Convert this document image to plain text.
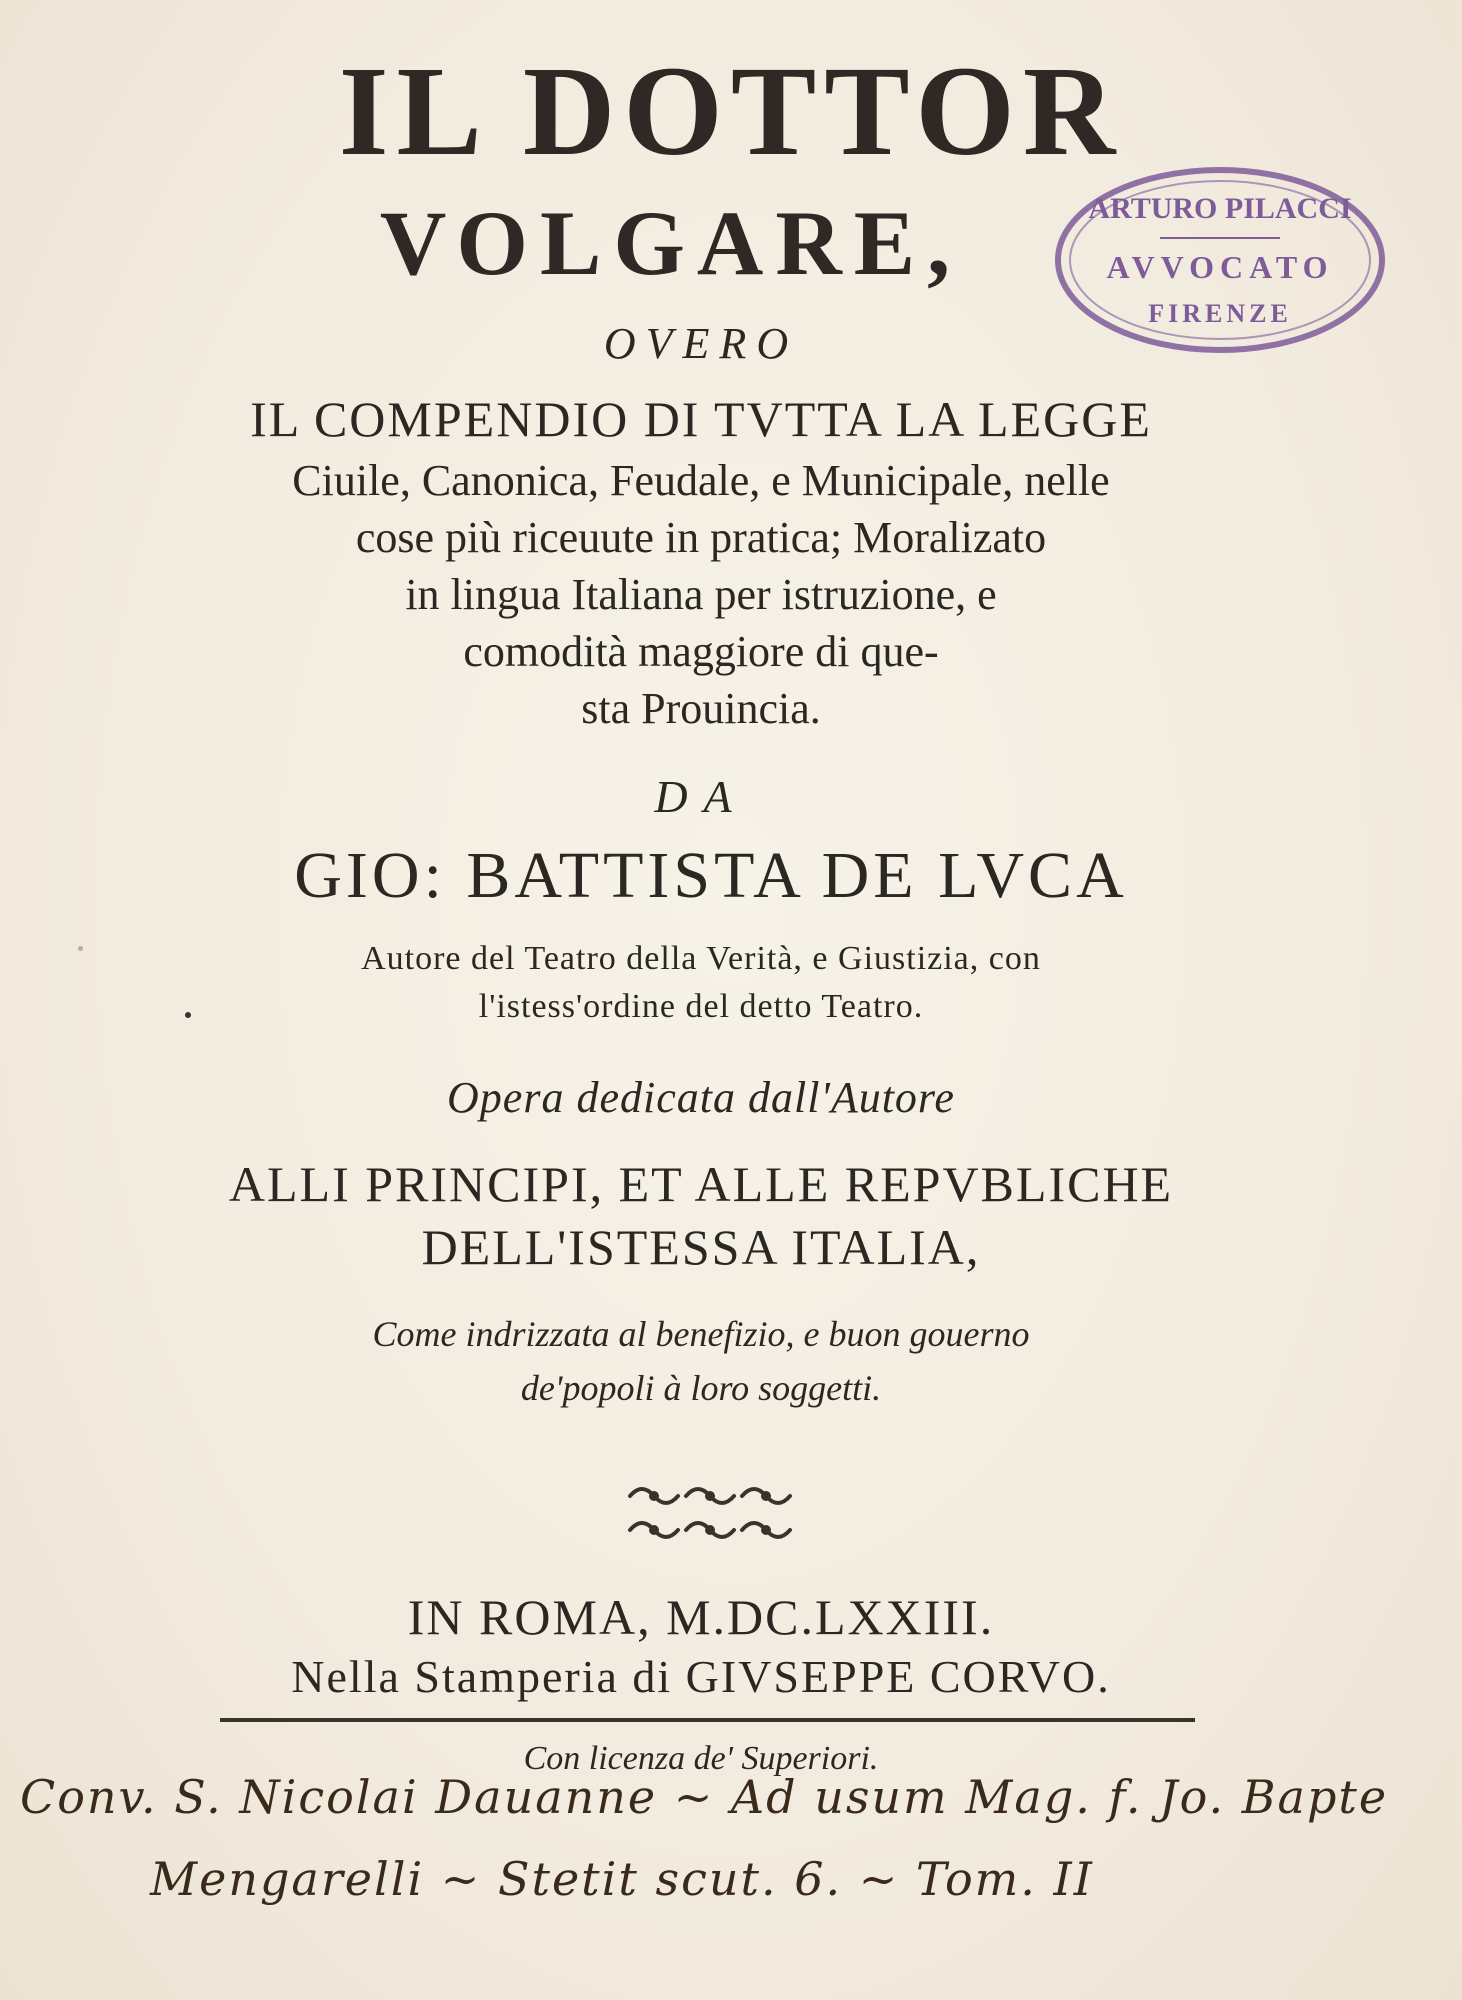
IL DOTTOR
VOLGARE,
OVERO
IL COMPENDIO DI TVTTA LA LEGGE
Ciuile, Canonica, Feudale, e Municipale, nelle
cose più riceuute in pratica; Moralizato
in lingua Italiana per istruzione, e
comodità maggiore di que-
sta Prouincia.
DA
GIO: BATTISTA DE LVCA
Autore del Teatro della Verità, e Giustizia, con
l'istess'ordine del detto Teatro.
Opera dedicata dall'Autore
ALLI PRINCIPI, ET ALLE REPVBLICHE
DELL'ISTESSA ITALIA,
Come indrizzata al benefizio, e buon gouerno
de'popoli à loro soggetti.
IN ROMA, M.DC.LXXIII.
Nella Stamperia di GIVSEPPE CORVO.
Con licenza de' Superiori.
ARTURO PILACCI
AVVOCATO
FIRENZE
Conv. S. Nicolai Dauanne ~ Ad usum Mag. f. Jo. Bapte
Mengarelli ~ Stetit scut. 6. ~ Tom. II
